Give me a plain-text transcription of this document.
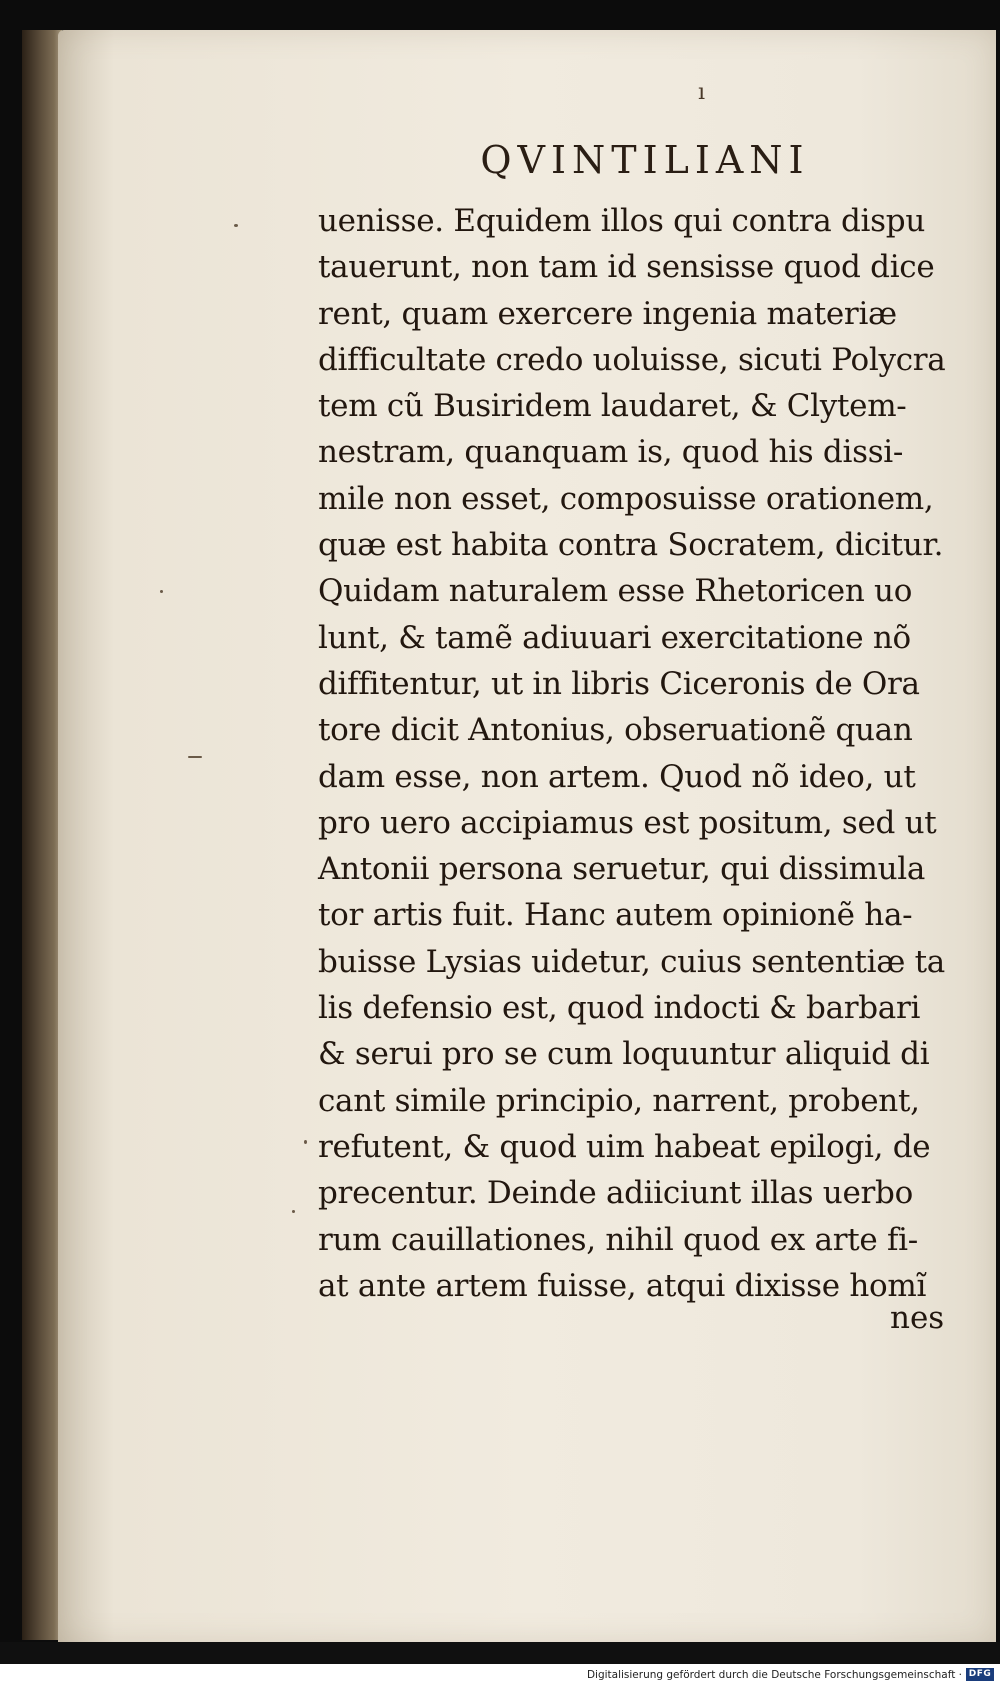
ı
QVINTILIANI
uenisse. Equidem illos qui contra dispu
tauerunt, non tam id sensisse quod dice
rent, quam exercere ingenia materiæ
difficultate credo uoluisse, sicuti Polycra
tem cũ Busiridem laudaret, & Clytem-
nestram, quanquam is, quod his dissi-
mile non esset, composuisse orationem,
quæ est habita contra Socratem, dicitur.
Quidam naturalem esse Rhetoricen uo
lunt, & tamẽ adiuuari exercitatione nõ
diffitentur, ut in libris Ciceronis de Ora
tore dicit Antonius, obseruationẽ quan
dam esse, non artem. Quod nõ ideo, ut
pro uero accipiamus est positum, sed ut
Antonii persona seruetur, qui dissimula
tor artis fuit. Hanc autem opinionẽ ha-
buisse Lysias uidetur, cuius sententiæ ta
lis defensio est, quod indocti & barbari
& serui pro se cum loquuntur aliquid di
cant simile principio, narrent, probent,
refutent, & quod uim habeat epilogi, de
precentur. Deinde adiiciunt illas uerbo
rum cauillationes, nihil quod ex arte fi-
at ante artem fuisse, atqui dixisse homĩ
nes
Digitalisierung gefördert durch die Deutsche Forschungsgemeinschaft · DFG
